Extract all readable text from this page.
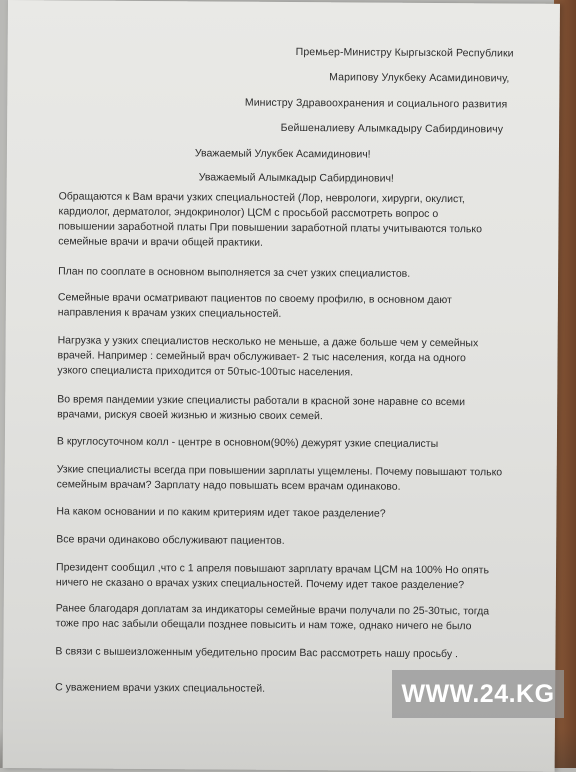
Премьер-Министру Кыргызской Республики
Марипову Улукбеку Асамидиновичу,
Министру Здравоохранения и социального развития
Бейшеналиеву Алымкадыру Сабирдиновичу
Уважаемый Улукбек Асамидинович!
Уважаемый Алымкадыр Сабирдинович!
Обращаются к Вам врачи узких специальностей (Лор, неврологи, хирурги, окулист,
кардиолог, дерматолог, эндокринолог) ЦСМ с просьбой рассмотреть вопрос о
повышении заработной платы При повышении заработной платы учитываются только
семейные врачи и врачи общей практики.
План по сооплате в основном выполняется за счет узких специалистов.
Семейные врачи осматривают пациентов по своему профилю, в основном дают
направления к врачам узких специальностей.
Нагрузка у узких специалистов несколько не меньше, а даже больше чем у семейных
врачей. Например : семейный врач обслуживает- 2 тыс населения, когда на одного
узкого специалиста приходится от 50тыс-100тыс населения.
Во время пандемии узкие специалисты работали в красной зоне наравне со всеми
врачами, рискуя своей жизнью и жизнью своих семей.
В круглосуточном колл - центре в основном(90%) дежурят узкие специалисты
Узкие специалисты всегда при повышении зарплаты ущемлены. Почему повышают только
семейным врачам? Зарплату надо повышать всем врачам одинаково.
На каком основании и по каким критериям идет такое разделение?
Все врачи одинаково обслуживают пациентов.
Президент сообщил ,что с 1 апреля повышают зарплату врачам ЦСМ на 100% Но опять
ничего не сказано о врачах узких специальностей. Почему идет такое разделение?
Ранее благодаря доплатам за индикаторы семейные врачи получали по 25-30тыс, тогда
тоже про нас забыли обещали позднее повысить и нам тоже, однако ничего не было
В связи с вышеизложенным убедительно просим Вас рассмотреть нашу просьбу .
С уважением врачи узких специальностей.	WWW.24.KG
